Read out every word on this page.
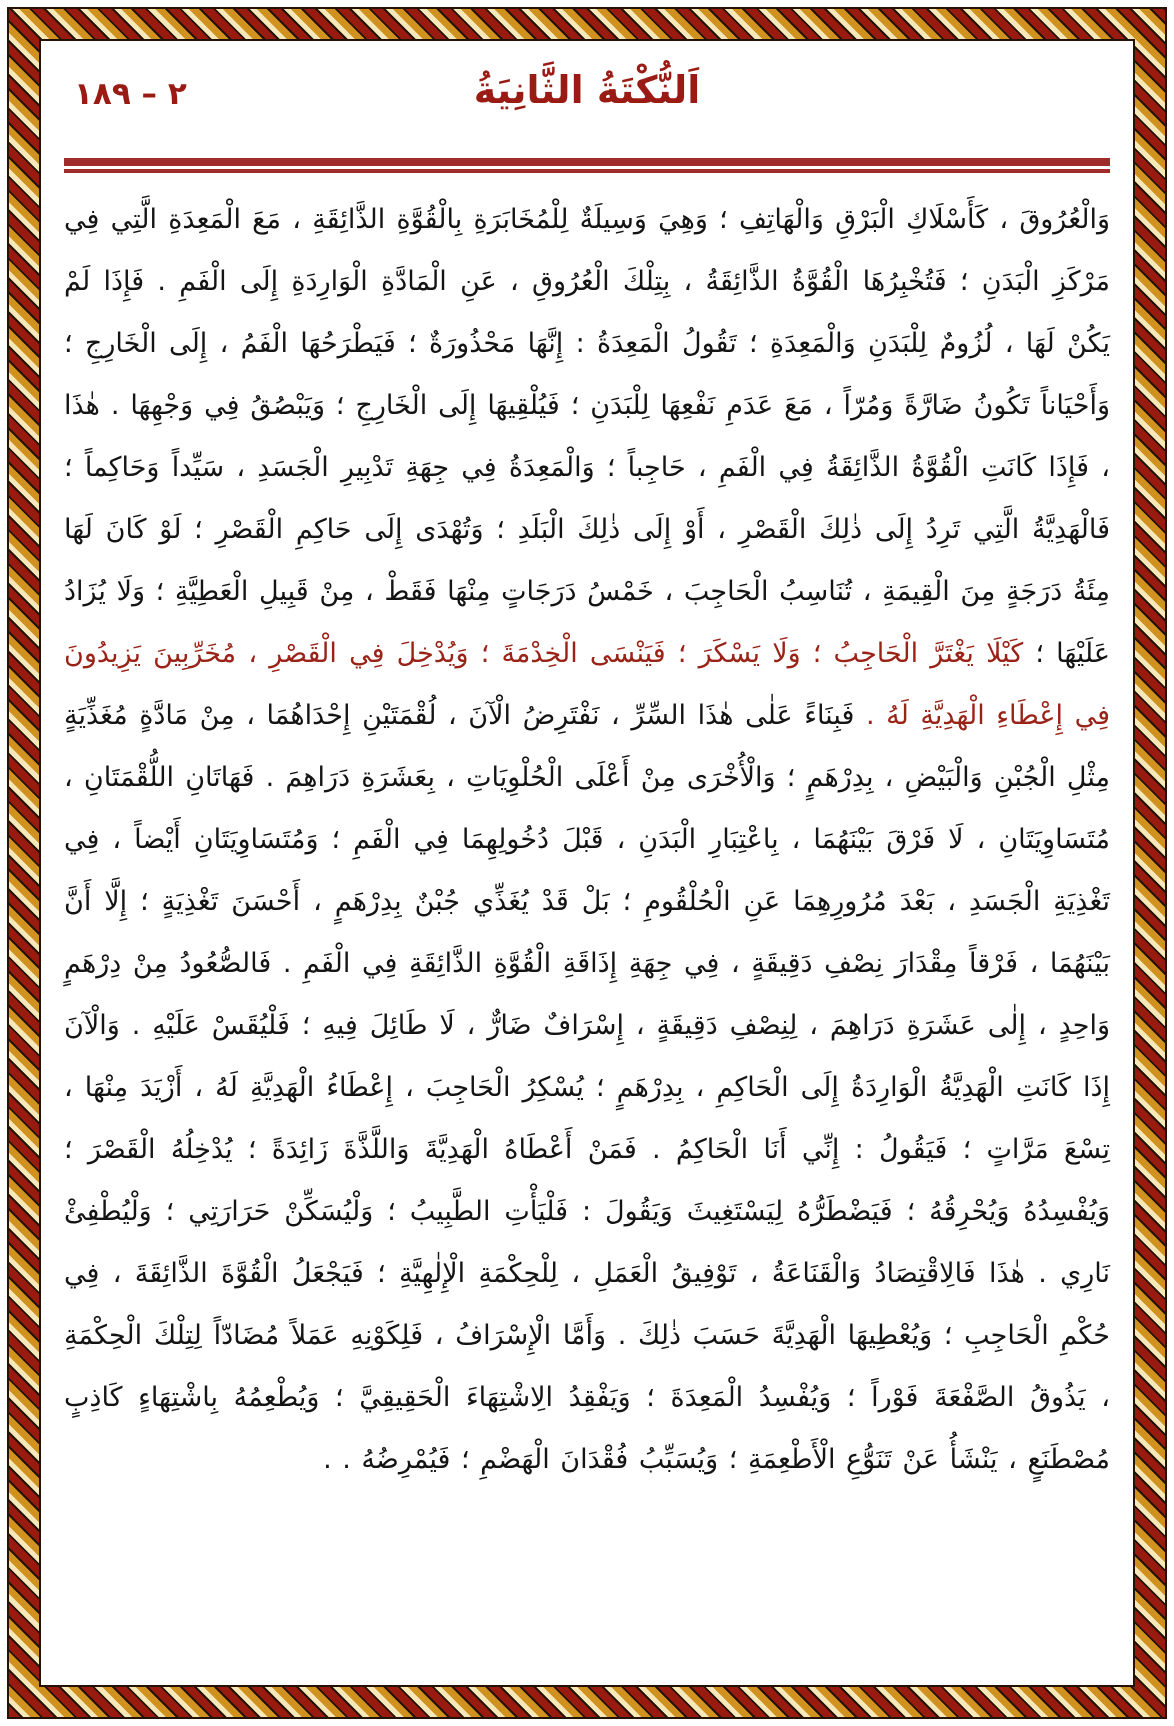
٢ – ١٨٩	اَلنُّكْتَةُ الثَّانِيَةُ

وَالْعُرُوقَ ، كَأَسْلَاكِ الْبَرْقِ وَالْهَاتِفِ ؛ وَهِيَ وَسِيلَةٌ لِلْمُخَابَرَةِ بِالْقُوَّةِ الذَّائِقَةِ ، مَعَ الْمَعِدَةِ الَّتِي فِي مَرْكَزِ الْبَدَنِ ؛ فَتُخْبِرُهَا الْقُوَّةُ الذَّائِقَةُ ، بِتِلْكَ الْعُرُوقِ ، عَنِ الْمَادَّةِ الْوَارِدَةِ إِلَى الْفَمِ . فَإِذَا لَمْ يَكُنْ لَهَا ، لُزُومٌ لِلْبَدَنِ وَالْمَعِدَةِ ؛ تَقُولُ الْمَعِدَةُ : إِنَّهَا مَحْذُورَةٌ ؛ فَيَطْرَحُهَا الْفَمُ ، إِلَى الْخَارِجِ ؛ وَأَحْيَاناً تَكُونُ ضَارَّةً وَمُرّاً ، مَعَ عَدَمِ نَفْعِهَا لِلْبَدَنِ ؛ فَيُلْقِيهَا إِلَى الْخَارِجِ ؛ وَيَبْصُقُ فِي وَجْهِهَا . هٰذَا ، فَإِذَا كَانَتِ الْقُوَّةُ الذَّائِقَةُ فِي الْفَمِ ، حَاجِباً ؛ وَالْمَعِدَةُ فِي جِهَةِ تَدْبِيرِ الْجَسَدِ ، سَيِّداً وَحَاكِماً ؛ فَالْهَدِيَّةُ الَّتِي تَرِدُ إِلَى ذٰلِكَ الْقَصْرِ ، أَوْ إِلَى ذٰلِكَ الْبَلَدِ ؛ وَتُهْدَى إِلَى حَاكِمِ الْقَصْرِ ؛ لَوْ كَانَ لَهَا مِئَةُ دَرَجَةٍ مِنَ الْقِيمَةِ ، تُنَاسِبُ الْحَاجِبَ ، خَمْسُ دَرَجَاتٍ مِنْهَا فَقَطْ ، مِنْ قَبِيلِ الْعَطِيَّةِ ؛ وَلَا يُزَادُ عَلَيْهَا ؛ كَيْلَا يَغْتَرَّ الْحَاجِبُ ؛ وَلَا يَسْكَرَ ؛ فَيَنْسَى الْخِدْمَةَ ؛ وَيُدْخِلَ فِي الْقَصْرِ ، مُخَرِّبِينَ يَزِيدُونَ فِي إِعْطَاءِ الْهَدِيَّةِ لَهُ . فَبِنَاءً عَلٰى هٰذَا السِّرِّ ، نَفْتَرِضُ الْآنَ ، لُقْمَتَيْنِ إِحْدَاهُمَا ، مِنْ مَادَّةٍ مُغَذِّيَةٍ مِثْلِ الْجُبْنِ وَالْبَيْضِ ، بِدِرْهَمٍ ؛ وَالْأُخْرَى مِنْ أَعْلَى الْحُلْوِيَاتِ ، بِعَشَرَةِ دَرَاهِمَ . فَهَاتَانِ اللُّقْمَتَانِ ، مُتَسَاوِيَتَانِ ، لَا فَرْقَ بَيْنَهُمَا ، بِاعْتِبَارِ الْبَدَنِ ، قَبْلَ دُخُولِهِمَا فِي الْفَمِ ؛ وَمُتَسَاوِيَتَانِ أَيْضاً ، فِي تَغْذِيَةِ الْجَسَدِ ، بَعْدَ مُرُورِهِمَا عَنِ الْحُلْقُومِ ؛ بَلْ قَدْ يُغَذِّي جُبْنٌ بِدِرْهَمٍ ، أَحْسَنَ تَغْذِيَةٍ ؛ إِلَّا أَنَّ بَيْنَهُمَا ، فَرْقاً مِقْدَارَ نِصْفِ دَقِيقَةٍ ، فِي جِهَةِ إِذَاقَةِ الْقُوَّةِ الذَّائِقَةِ فِي الْفَمِ . فَالصُّعُودُ مِنْ دِرْهَمٍ وَاحِدٍ ، إِلٰى عَشَرَةِ دَرَاهِمَ ، لِنِصْفِ دَقِيقَةٍ ، إِسْرَافٌ ضَارٌّ ، لَا طَائِلَ فِيهِ ؛ فَلْيُقَسْ عَلَيْهِ . وَالْآنَ إِذَا كَانَتِ الْهَدِيَّةُ الْوَارِدَةُ إِلَى الْحَاكِمِ ، بِدِرْهَمٍ ؛ يُسْكِرُ الْحَاجِبَ ، إِعْطَاءُ الْهَدِيَّةِ لَهُ ، أَزْيَدَ مِنْهَا ، تِسْعَ مَرَّاتٍ ؛ فَيَقُولُ : إِنِّي أَنَا الْحَاكِمُ . فَمَنْ أَعْطَاهُ الْهَدِيَّةَ وَاللَّذَّةَ زَائِدَةً ؛ يُدْخِلُهُ الْقَصْرَ ؛ وَيُفْسِدُهُ وَيُحْرِقُهُ ؛ فَيَضْطَرُّهُ لِيَسْتَغِيثَ وَيَقُولَ : فَلْيَأْتِ الطَّبِيبُ ؛ وَلْيُسَكِّنْ حَرَارَتِي ؛ وَلْيُطْفِئْ نَارِي . هٰذَا فَالِاقْتِصَادُ وَالْقَنَاعَةُ ، تَوْفِيقُ الْعَمَلِ ، لِلْحِكْمَةِ الْإِلٰهِيَّةِ ؛ فَيَجْعَلُ الْقُوَّةَ الذَّائِقَةَ ، فِي حُكْمِ الْحَاجِبِ ؛ وَيُعْطِيهَا الْهَدِيَّةَ حَسَبَ ذٰلِكَ . وَأَمَّا الْإِسْرَافُ ، فَلِكَوْنِهِ عَمَلاً مُضَادّاً لِتِلْكَ الْحِكْمَةِ ، يَذُوقُ الصَّفْعَةَ فَوْراً ؛ وَيُفْسِدُ الْمَعِدَةَ ؛ وَيَفْقِدُ الِاشْتِهَاءَ الْحَقِيقِيَّ ؛ وَيُطْعِمُهُ بِاشْتِهَاءٍ كَاذِبٍ مُصْطَنَعٍ ، يَنْشَأُ عَنْ تَنَوُّعِ الْأَطْعِمَةِ ؛ وَيُسَبِّبُ فُقْدَانَ الْهَضْمِ ؛ فَيُمْرِضُهُ . .
